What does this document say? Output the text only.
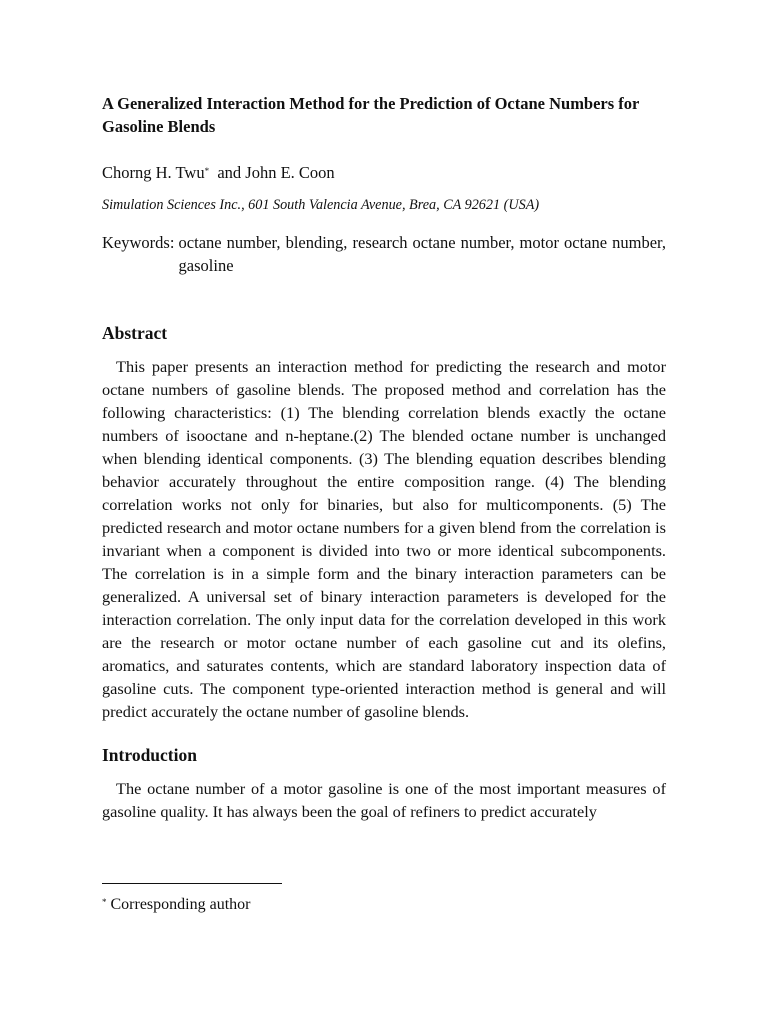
A Generalized Interaction Method for the Prediction of Octane Numbers for Gasoline Blends
Chorng H. Twu* and John E. Coon
Simulation Sciences Inc., 601 South Valencia Avenue, Brea, CA 92621 (USA)
Keywords: octane number, blending, research octane number, motor octane number, gasoline
Abstract

This paper presents an interaction method for predicting the research and motor octane numbers of gasoline blends. The proposed method and correlation has the following characteristics: (1) The blending correlation blends exactly the octane numbers of isooctane and n-heptane.(2) The blended octane number is unchanged when blending identical components. (3) The blending equation describes blending behavior accurately throughout the entire composition range. (4) The blending correlation works not only for binaries, but also for multicomponents. (5) The predicted research and motor octane numbers for a given blend from the correlation is invariant when a component is divided into two or more identical subcomponents. The correlation is in a simple form and the binary interaction parameters can be generalized. A universal set of binary interaction parameters is developed for the interaction correlation. The only input data for the correlation developed in this work are the research or motor octane number of each gasoline cut and its olefins, aromatics, and saturates contents, which are standard laboratory inspection data of gasoline cuts. The component type-oriented interaction method is general and will predict accurately the octane number of gasoline blends.

Introduction

The octane number of a motor gasoline is one of the most important measures of gasoline quality. It has always been the goal of refiners to predict accurately

* Corresponding author
